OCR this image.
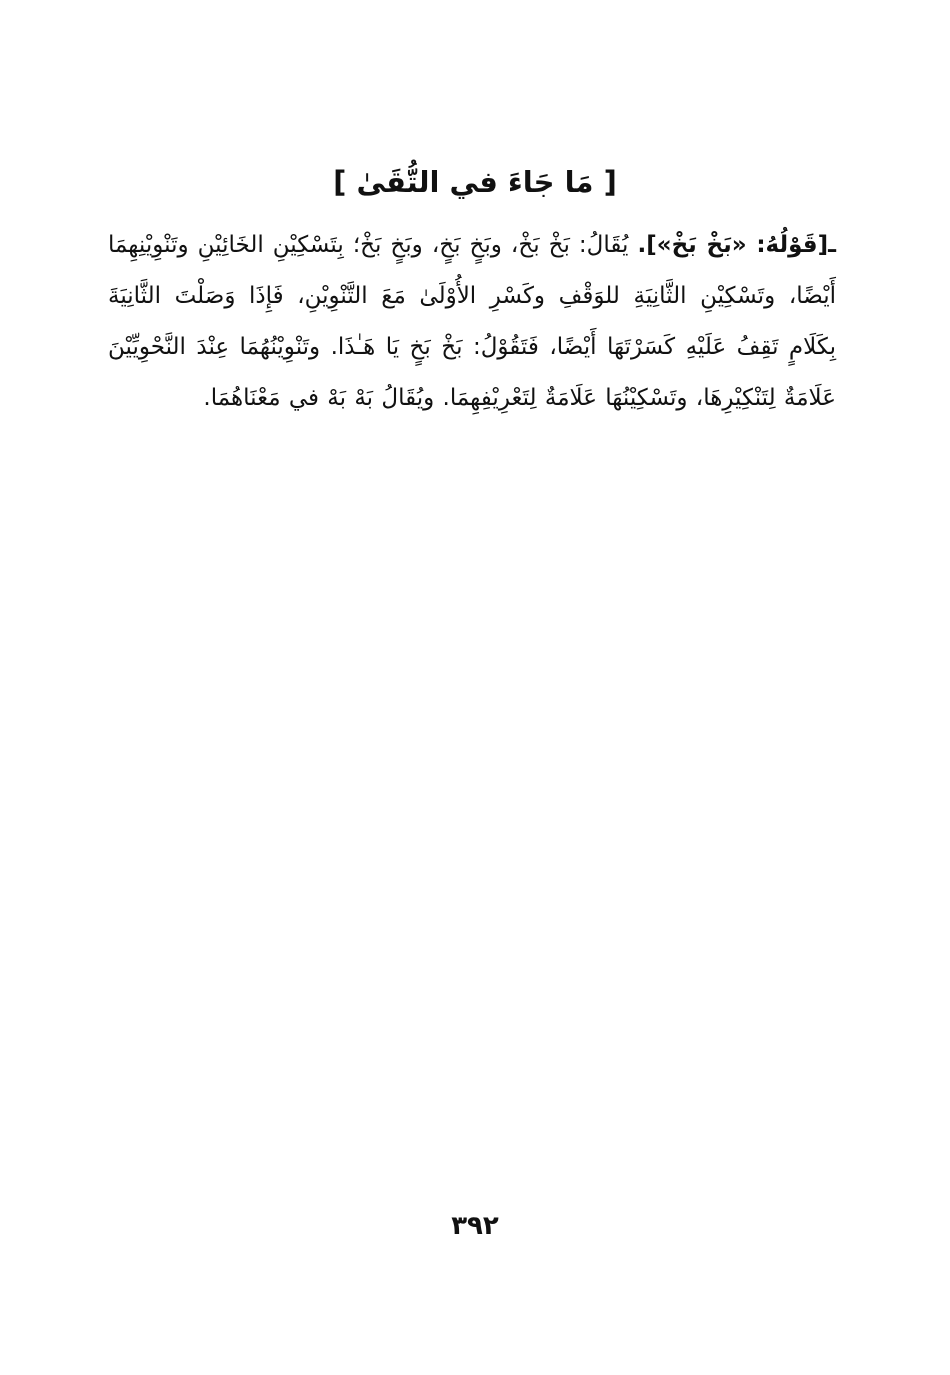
[ مَا جَاءَ في التُّقَىٰ ]
ـ[قَوْلُهُ: «بَخْ بَخْ»]. يُقَالُ: بَخْ بَخْ، وبَخٍ بَخٍ، وبَخٍ بَخْ؛ بِتَسْكِيْنِ الخَائِيْنِ وتَنْوِيْنِهِمَا أَيْضًا، وتَسْكِيْنِ الثَّانِيَةِ للوَقْفِ وكَسْرِ الأُوْلَىٰ مَعَ التَّنْوِيْنِ، فَإِذَا وَصَلْتَ الثَّانِيَةَ بِكَلَامٍ تَقِفُ عَلَيْهِ كَسَرْتَهَا أَيْضًا، فَتَقُوْلُ: بَخْ بَخٍ يَا هَـٰذَا. وتَنْوِيْنُهُمَا عِنْدَ النَّحْوِيِّيْنَ عَلَامَةٌ لِتَنْكِيْرِهَا، وتَسْكِيْنُهَا عَلَامَةٌ لِتَعْرِيْفِهِمَا. ويُقَالُ بَهْ بَهْ في مَعْنَاهُمَا.
٣٩٢
